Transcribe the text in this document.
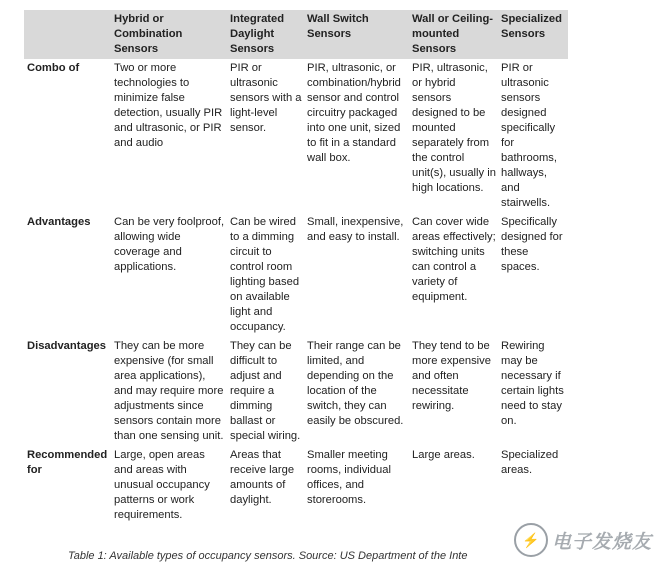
	Hybrid or Combination Sensors	Integrated Daylight Sensors	Wall Switch Sensors	Wall or Ceiling-mounted Sensors	Specialized Sensors
Combo of	Two or more technologies to minimize false detection, usually PIR and ultrasonic, or PIR and audio	PIR or ultrasonic sensors with a light-level sensor.	PIR, ultrasonic, or combination/hybrid sensor and control circuitry packaged into one unit, sized to fit in a standard wall box.	PIR, ultrasonic, or hybrid sensors designed to be mounted separately from the control unit(s), usually in high locations.	PIR or ultrasonic sensors designed specifically for bathrooms, hallways, and stairwells.
Advantages	Can be very foolproof, allowing wide coverage and applications.	Can be wired to a dimming circuit to control room lighting based on available light and occupancy.	Small, inexpensive, and easy to install.	Can cover wide areas effectively; switching units can control a variety of equipment.	Specifically designed for these spaces.
Disadvantages	They can be more expensive (for small area applications), and may require more adjustments since sensors contain more than one sensing unit.	They can be difficult to adjust and require a dimming ballast or special wiring.	Their range can be limited, and depending on the location of the switch, they can easily be obscured.	They tend to be more expensive and often necessitate rewiring.	Rewiring may be necessary if certain lights need to stay on.
Recommended for	Large, open areas and areas with unusual occupancy patterns or work requirements.	Areas that receive large amounts of daylight.	Smaller meeting rooms, individual offices, and storerooms.	Large areas.	Specialized areas.
Table 1: Available types of occupancy sensors. Source: US Department of the Inte
⚡ 电子发烧友
